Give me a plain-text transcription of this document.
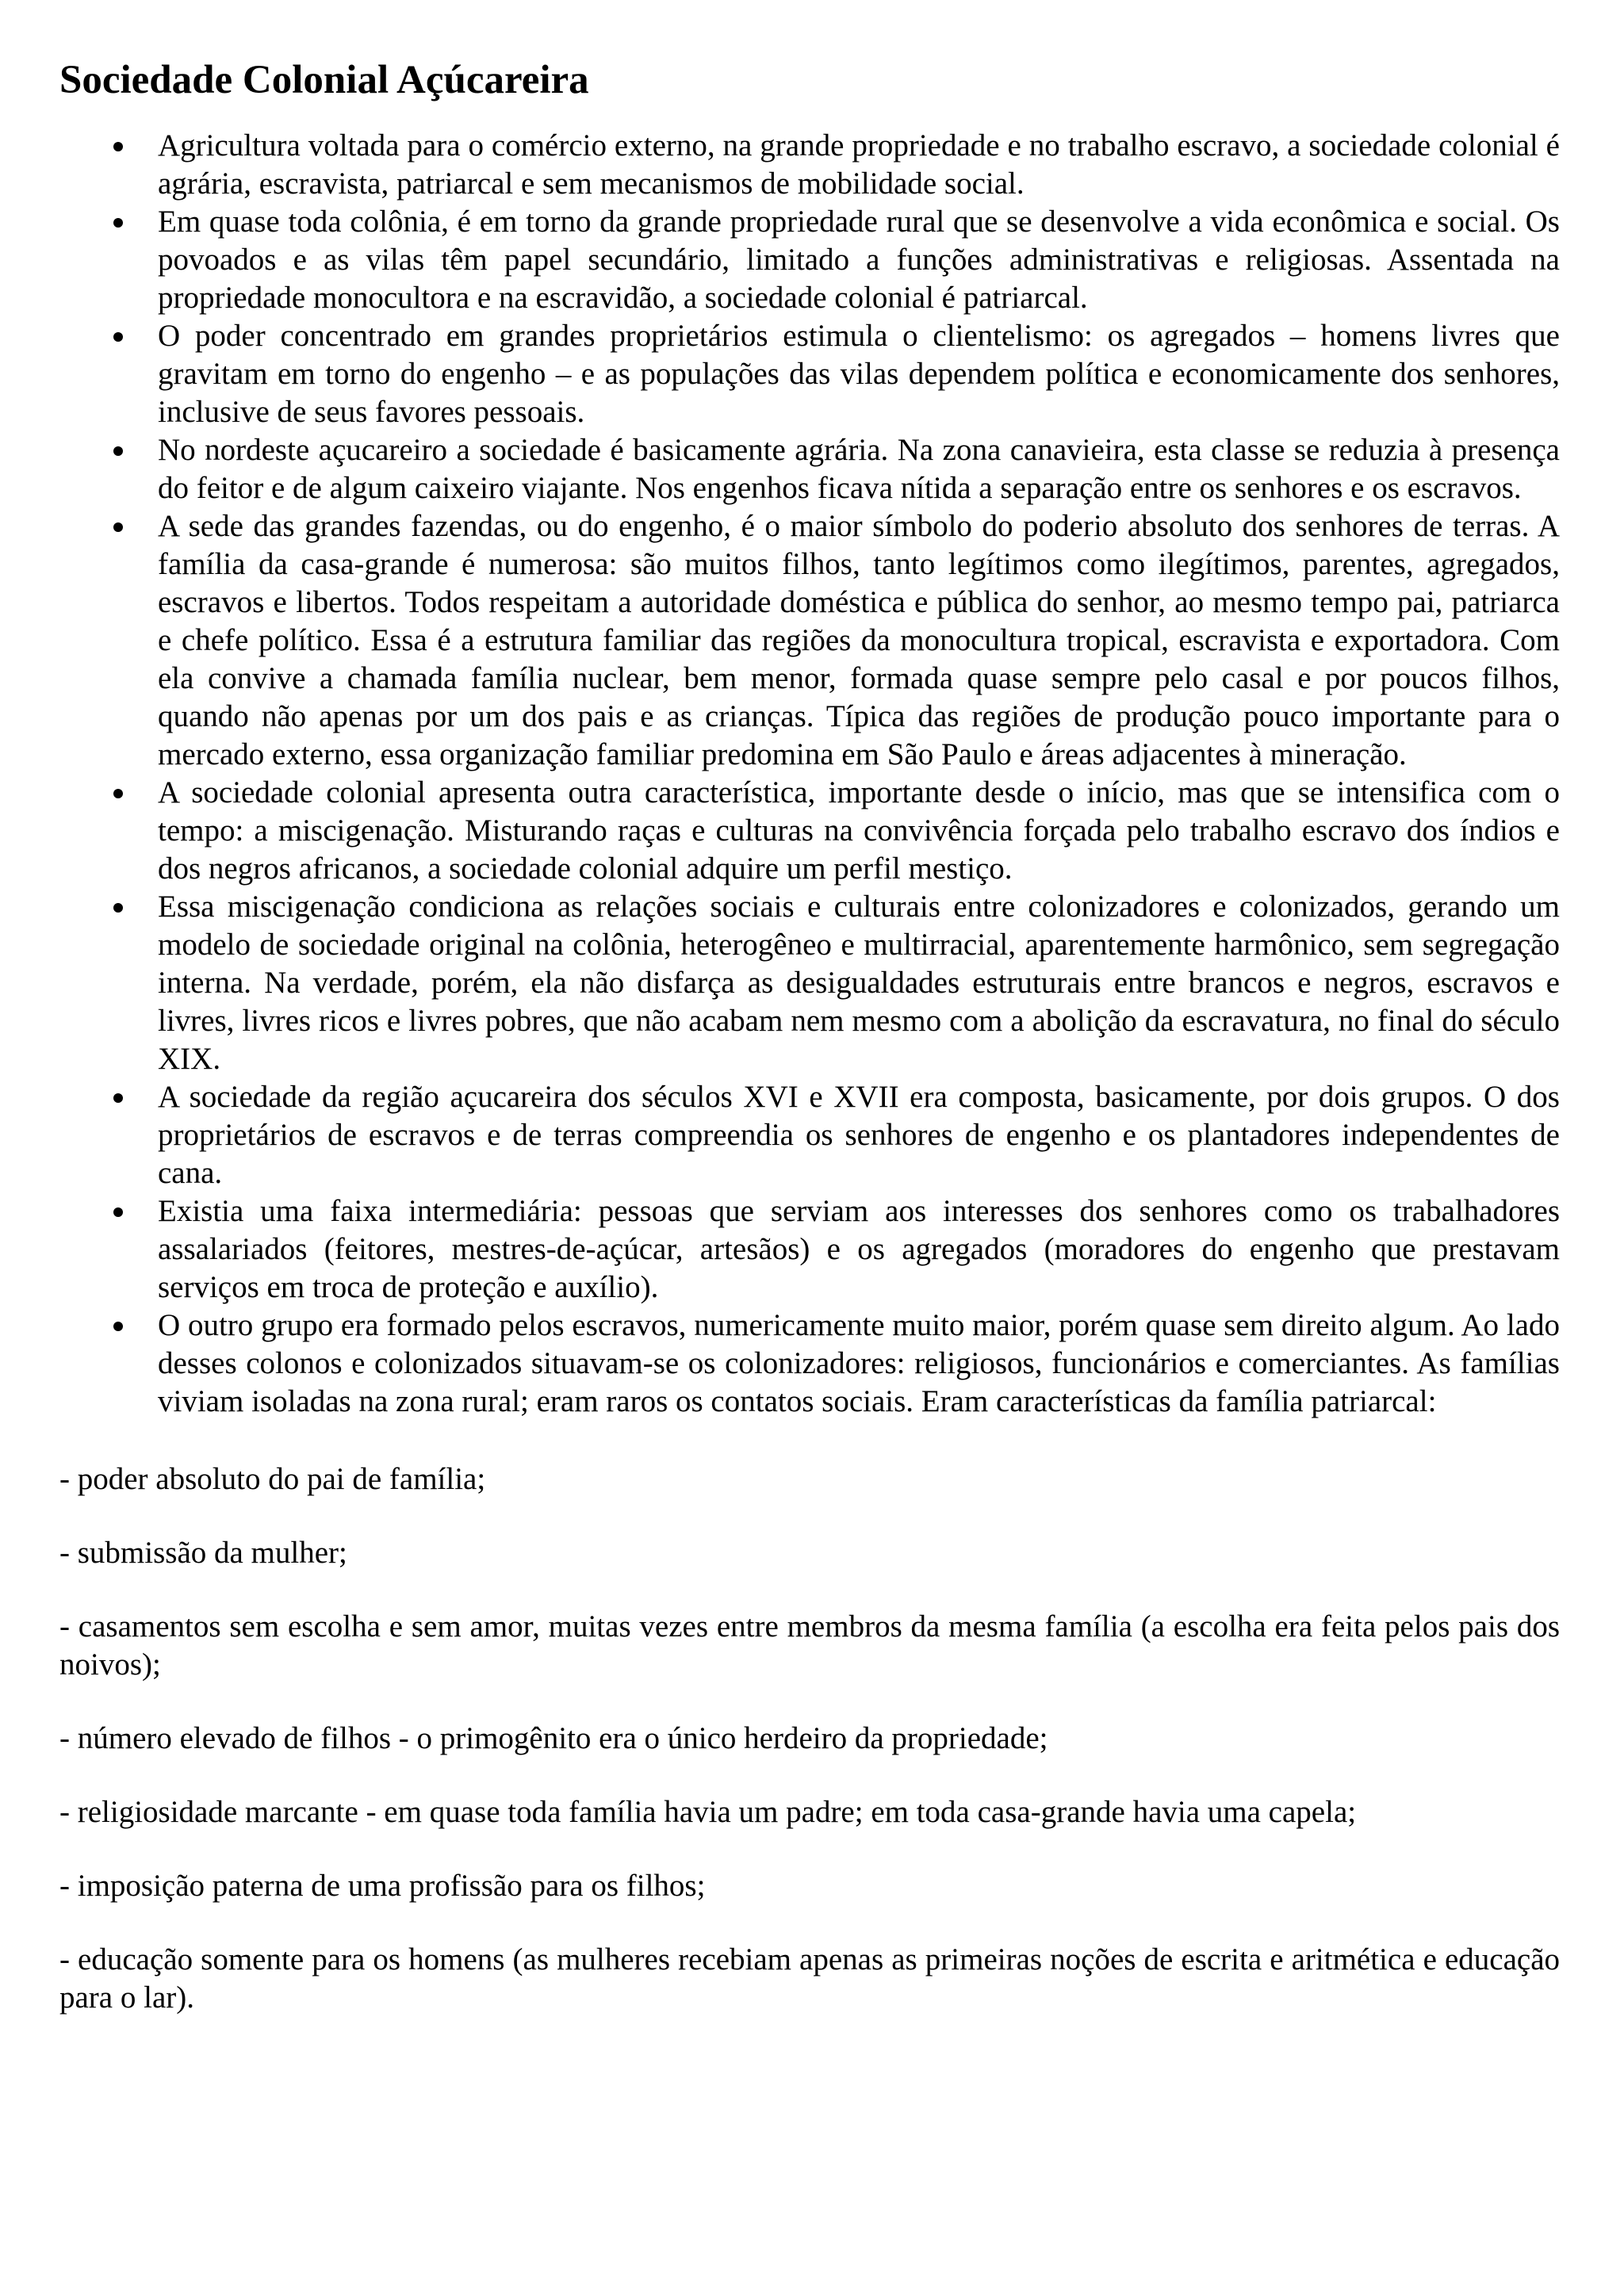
Sociedade Colonial Açúcareira
Agricultura voltada para o comércio externo, na grande propriedade e no trabalho escravo, a sociedade colonial é agrária, escravista, patriarcal e sem mecanismos de mobilidade social.
Em quase toda colônia, é em torno da grande propriedade rural que se desenvolve a vida econômica e social. Os povoados e as vilas têm papel secundário, limitado a funções administrativas e religiosas. Assentada na propriedade monocultora e na escravidão, a sociedade colonial é patriarcal.
O poder concentrado em grandes proprietários estimula o clientelismo: os agregados – homens livres que gravitam em torno do engenho – e as populações das vilas dependem política e economicamente dos senhores, inclusive de seus favores pessoais.
No nordeste açucareiro a sociedade é basicamente agrária. Na zona canavieira, esta classe se reduzia à presença do feitor e de algum caixeiro viajante. Nos engenhos ficava nítida a separação entre os senhores e os escravos.
A sede das grandes fazendas, ou do engenho, é o maior símbolo do poderio absoluto dos senhores de terras. A família da casa-grande é numerosa: são muitos filhos, tanto legítimos como ilegítimos, parentes, agregados, escravos e libertos. Todos respeitam a autoridade doméstica e pública do senhor, ao mesmo tempo pai, patriarca e chefe político. Essa é a estrutura familiar das regiões da monocultura tropical, escravista e exportadora. Com ela convive a chamada família nuclear, bem menor, formada quase sempre pelo casal e por poucos filhos, quando não apenas por um dos pais e as crianças. Típica das regiões de produção pouco importante para o mercado externo, essa organização familiar predomina em São Paulo e áreas adjacentes à mineração.
A sociedade colonial apresenta outra característica, importante desde o início, mas que se intensifica com o tempo: a miscigenação. Misturando raças e culturas na convivência forçada pelo trabalho escravo dos índios e dos negros africanos, a sociedade colonial adquire um perfil mestiço.
Essa miscigenação condiciona as relações sociais e culturais entre colonizadores e colonizados, gerando um modelo de sociedade original na colônia, heterogêneo e multirracial, aparentemente harmônico, sem segregação interna. Na verdade, porém, ela não disfarça as desigualdades estruturais entre brancos e negros, escravos e livres, livres ricos e livres pobres, que não acabam nem mesmo com a abolição da escravatura, no final do século XIX.
A sociedade da região açucareira dos séculos XVI e XVII era composta, basicamente, por dois grupos. O dos proprietários de escravos e de terras compreendia os senhores de engenho e os plantadores independentes de cana.
Existia uma faixa intermediária: pessoas que serviam aos interesses dos senhores como os trabalhadores assalariados (feitores, mestres-de-açúcar, artesãos) e os agregados (moradores do engenho que prestavam serviços em troca de proteção e auxílio).
O outro grupo era formado pelos escravos, numericamente muito maior, porém quase sem direito algum. Ao lado desses colonos e colonizados situavam-se os colonizadores: religiosos, funcionários e comerciantes. As famílias viviam isoladas na zona rural; eram raros os contatos sociais. Eram características da família patriarcal:

- poder absoluto do pai de família;

- submissão da mulher;

- casamentos sem escolha e sem amor, muitas vezes entre membros da mesma família (a escolha era feita pelos pais dos noivos);

- número elevado de filhos - o primogênito era o único herdeiro da propriedade;

- religiosidade marcante - em quase toda família havia um padre; em toda casa-grande havia uma capela;

- imposição paterna de uma profissão para os filhos;

- educação somente para os homens (as mulheres recebiam apenas as primeiras noções de escrita e aritmética e educação para o lar).
